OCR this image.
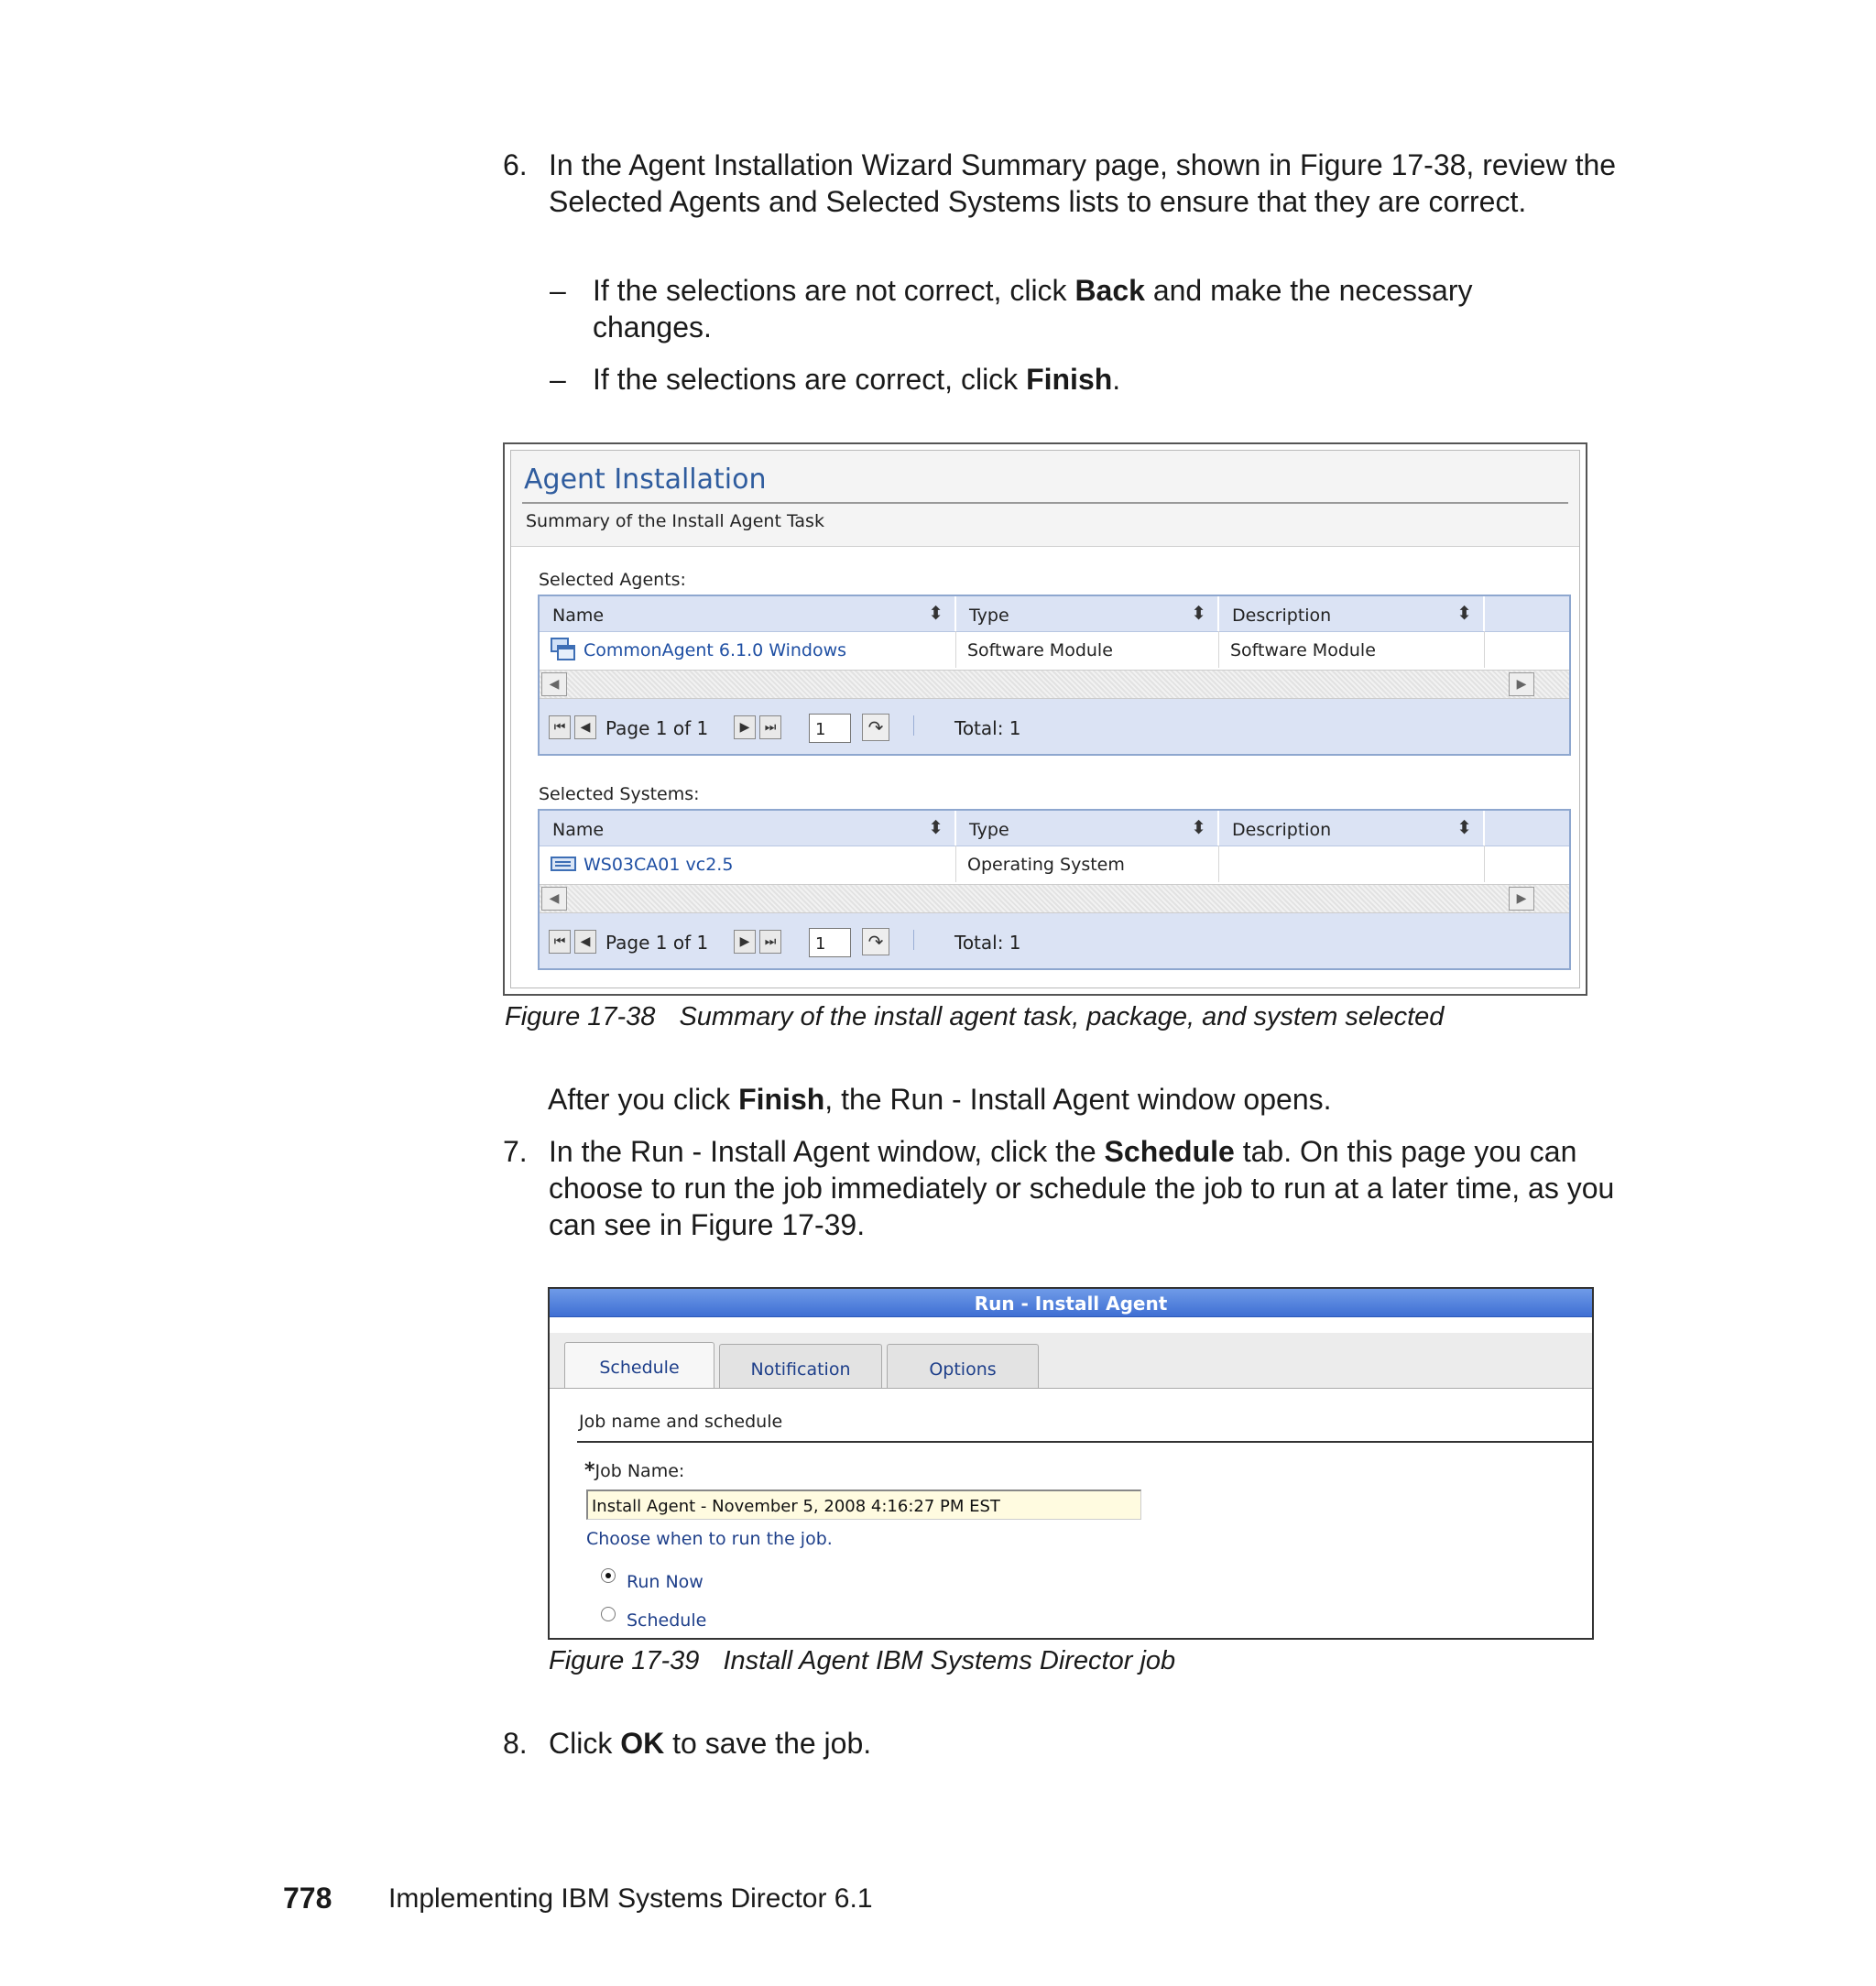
6. In the Agent Installation Wizard Summary page, shown in Figure 17-38, review the Selected Agents and Selected Systems lists to ensure that they are correct.
– If the selections are not correct, click Back and make the necessary changes.
– If the selections are correct, click Finish.
Agent Installation
Summary of the Install Agent Task
Selected Agents:
Name	⬍ Type	⬍ Description	⬍
CommonAgent 6.1.0 Windows	Software Module	Software Module
◀	▶
⏮	◀ Page 1 of 1	▶	⏭	1	↷	Total: 1
Selected Systems:
Name	⬍ Type	⬍ Description	⬍
WS03CA01 vc2.5	Operating System
◀	▶
⏮	◀ Page 1 of 1	▶	⏭	1	↷	Total: 1
Figure 17-38 Summary of the install agent task, package, and system selected
After you click Finish, the Run - Install Agent window opens.
7. In the Run - Install Agent window, click the Schedule tab. On this page you can choose to run the job immediately or schedule the job to run at a later time, as you can see in Figure 17-39.
Run - Install Agent
Schedule	Notification	Options
Job name and schedule
*Job Name:
Install Agent - November 5, 2008 4:16:27 PM EST
Choose when to run the job.
Run Now
Schedule
Figure 17-39 Install Agent IBM Systems Director job
8. Click OK to save the job.
778 Implementing IBM Systems Director 6.1
